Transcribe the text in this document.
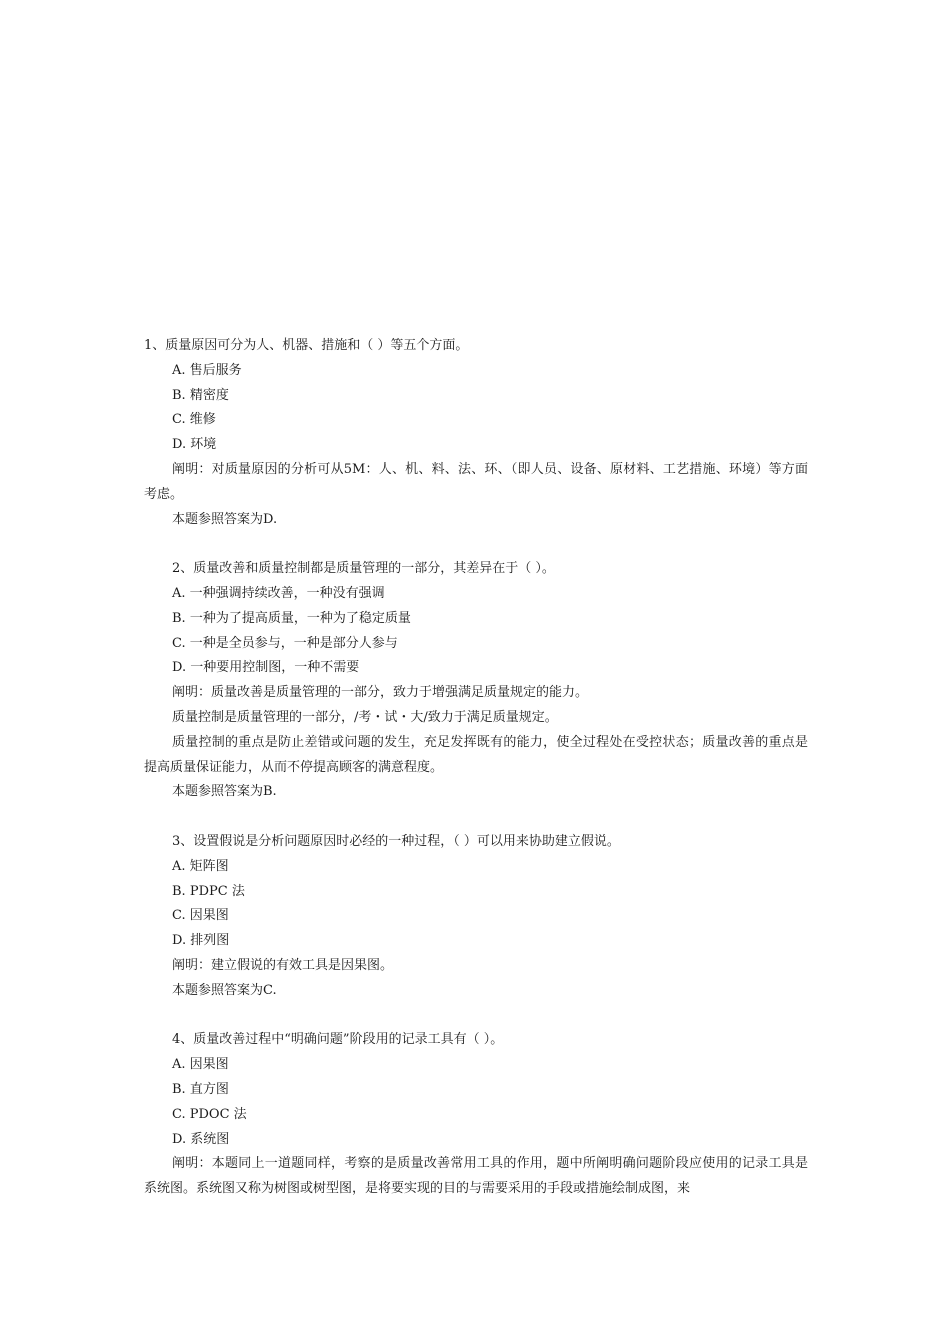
1、质量原因可分为人、机器、措施和（ ）等五个方面。
A. 售后服务
B. 精密度
C. 维修
D. 环境
阐明：对质量原因的分析可从5M：人、机、料、法、环、（即人员、设备、原材料、工艺措施、环境）等方面考虑。
本题参照答案为D.
2、质量改善和质量控制都是质量管理的一部分，其差异在于（ ）。
A. 一种强调持续改善，一种没有强调
B. 一种为了提高质量，一种为了稳定质量
C. 一种是全员参与，一种是部分人参与
D. 一种要用控制图，一种不需要
阐明：质量改善是质量管理的一部分，致力于增强满足质量规定的能力。
质量控制是质量管理的一部分，/考・试・大/致力于满足质量规定。
质量控制的重点是防止差错或问题的发生，充足发挥既有的能力，使全过程处在受控状态；质量改善的重点是提高质量保证能力，从而不停提高顾客的满意程度。
本题参照答案为B.
3、设置假说是分析问题原因时必经的一种过程，（ ）可以用来协助建立假说。
A. 矩阵图
B. PDPC 法
C. 因果图
D. 排列图
阐明：建立假说的有效工具是因果图。
本题参照答案为C.
4、质量改善过程中“明确问题”阶段用的记录工具有（ ）。
A. 因果图
B. 直方图
C. PDOC 法
D. 系统图
阐明：本题同上一道题同样，考察的是质量改善常用工具的作用，题中所阐明确问题阶段应使用的记录工具是系统图。系统图又称为树图或树型图，是将要实现的目的与需要采用的手段或措施绘制成图，来
